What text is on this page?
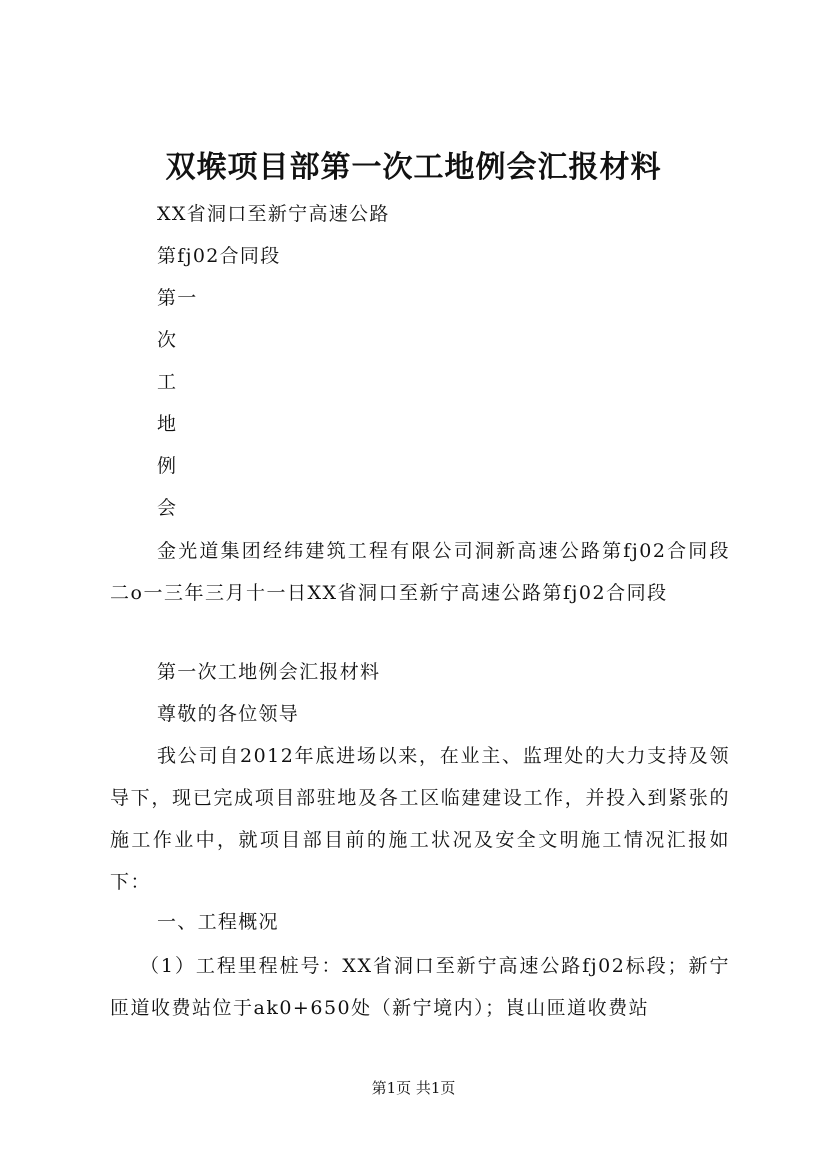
双堠项目部第一次工地例会汇报材料
XX省洞口至新宁高速公路
第fj02合同段
第一
次
工
地
例
会
金光道集团经纬建筑工程有限公司洞新高速公路第fj02合同段二o一三年三月十一日XX省洞口至新宁高速公路第fj02合同段
第一次工地例会汇报材料
尊敬的各位领导
我公司自2012年底进场以来，在业主、监理处的大力支持及领导下，现已完成项目部驻地及各工区临建建设工作，并投入到紧张的施工作业中，就项目部目前的施工状况及安全文明施工情况汇报如下：
一、工程概况
（1）工程里程桩号：XX省洞口至新宁高速公路fj02标段；新宁匝道收费站位于ak0+650处（新宁境内）；崀山匝道收费站
第1页 共1页
